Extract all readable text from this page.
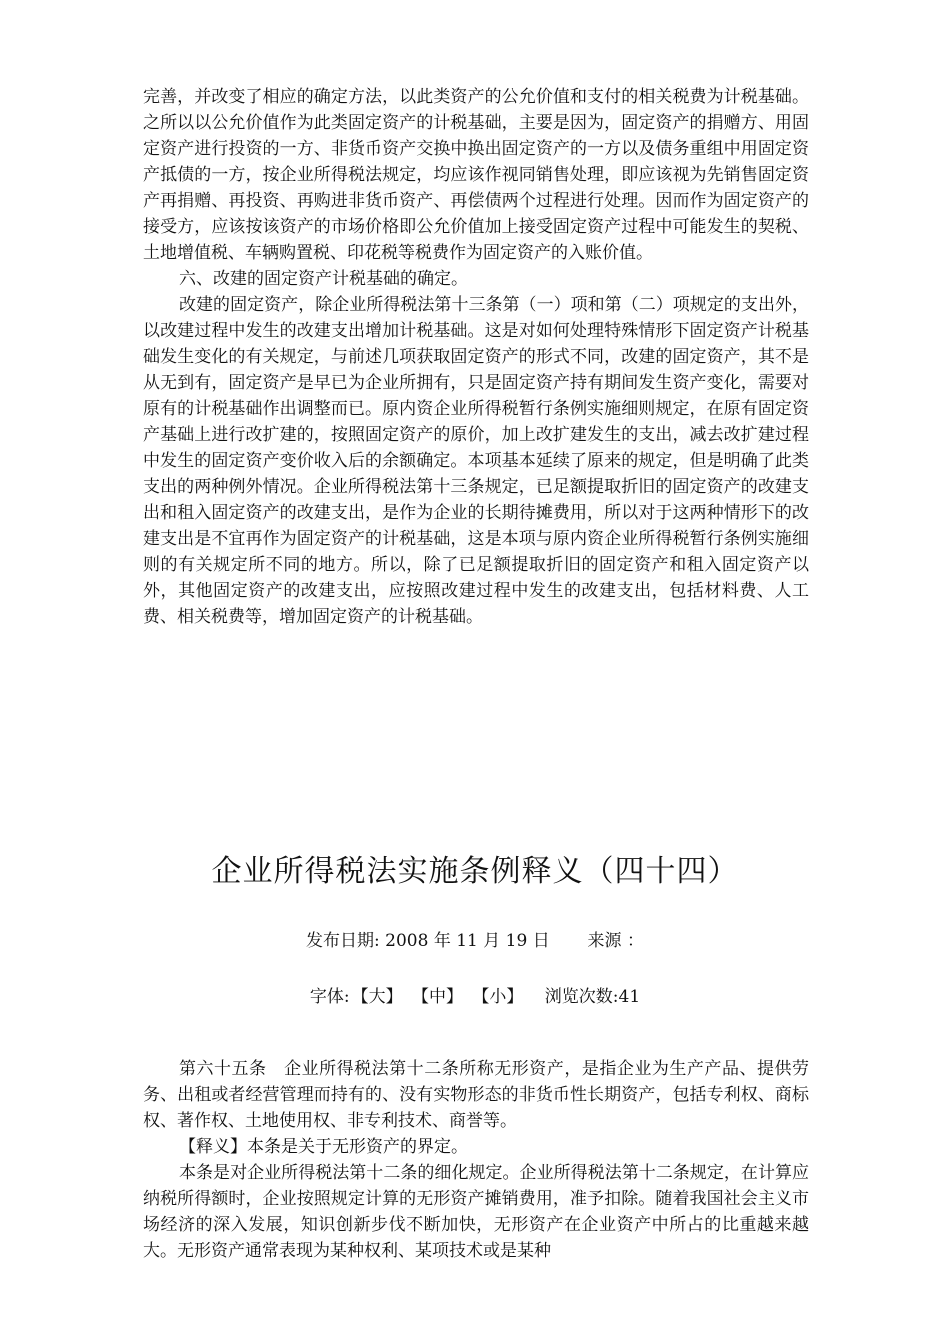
完善，并改变了相应的确定方法，以此类资产的公允价值和支付的相关税费为计税基础。之所以以公允价值作为此类固定资产的计税基础，主要是因为，固定资产的捐赠方、用固定资产进行投资的一方、非货币资产交换中换出固定资产的一方以及债务重组中用固定资产抵债的一方，按企业所得税法规定，均应该作视同销售处理，即应该视为先销售固定资产再捐赠、再投资、再购进非货币资产、再偿债两个过程进行处理。因而作为固定资产的接受方，应该按该资产的市场价格即公允价值加上接受固定资产过程中可能发生的契税、土地增值税、车辆购置税、印花税等税费作为固定资产的入账价值。

六、改建的固定资产计税基础的确定。

改建的固定资产，除企业所得税法第十三条第（一）项和第（二）项规定的支出外，以改建过程中发生的改建支出增加计税基础。这是对如何处理特殊情形下固定资产计税基础发生变化的有关规定，与前述几项获取固定资产的形式不同，改建的固定资产，其不是从无到有，固定资产是早已为企业所拥有，只是固定资产持有期间发生资产变化，需要对原有的计税基础作出调整而已。原内资企业所得税暂行条例实施细则规定，在原有固定资产基础上进行改扩建的，按照固定资产的原价，加上改扩建发生的支出，减去改扩建过程中发生的固定资产变价收入后的余额确定。本项基本延续了原来的规定，但是明确了此类支出的两种例外情况。企业所得税法第十三条规定，已足额提取折旧的固定资产的改建支出和租入固定资产的改建支出，是作为企业的长期待摊费用，所以对于这两种情形下的改建支出是不宜再作为固定资产的计税基础，这是本项与原内资企业所得税暂行条例实施细则的有关规定所不同的地方。所以，除了已足额提取折旧的固定资产和租入固定资产以外，其他固定资产的改建支出，应按照改建过程中发生的改建支出，包括材料费、人工费、相关税费等，增加固定资产的计税基础。

企业所得税法实施条例释义（四十四）
发布日期: 2008 年 11 月 19 日       来源 ：
字体: 【大】 【中】 【小】 浏览次数:41

第六十五条　企业所得税法第十二条所称无形资产，是指企业为生产产品、提供劳务、出租或者经营管理而持有的、没有实物形态的非货币性长期资产，包括专利权、商标权、著作权、土地使用权、非专利技术、商誉等。

【释义】本条是关于无形资产的界定。

本条是对企业所得税法第十二条的细化规定。企业所得税法第十二条规定，在计算应纳税所得额时，企业按照规定计算的无形资产摊销费用，准予扣除。随着我国社会主义市场经济的深入发展，知识创新步伐不断加快，无形资产在企业资产中所占的比重越来越大。无形资产通常表现为某种权利、某项技术或是某种
